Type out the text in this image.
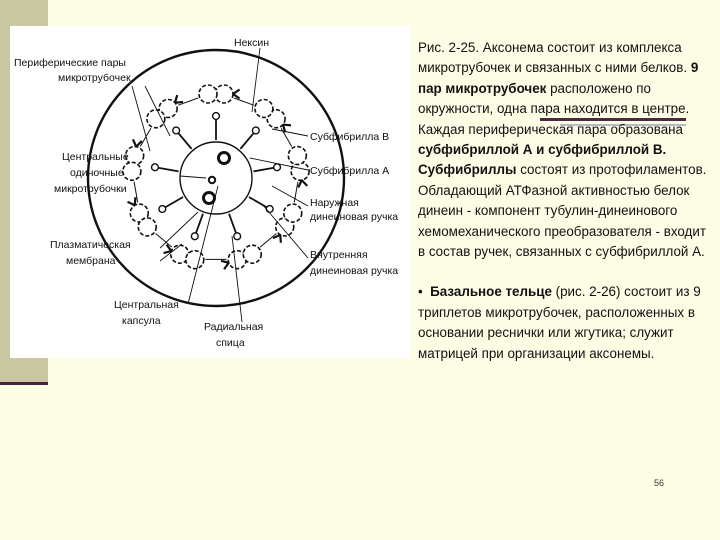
Периферические пары
микротрубочек
Нексин
Центральные
одиночные
микротрубочки
Субфибрилла В
Субфибрилла А
Наружная
динеиновая ручка
Внутренняя
динеиновая ручка
Плазматическая
мембрана
Центральная
капсула	Радиальная
спица

Рис. 2-25. Аксонема состоит из комплекса микротрубочек и связанных с ними белков. 9 пар микротрубочек расположено по окружности, одна пара находится в центре. Каждая периферическая пара образована субфибриллой А и субфибриллой В. Субфибриллы состоят из протофиламентов.

Обладающий АТФазной активностью белок динеин - компонент тубулин-динеинового хемомеханического преобразователя - входит в состав ручек, связанных с субфибриллой А.

• Базальное тельце (рис. 2-26) состоит из 9 триплетов микротрубочек, расположенных в основании реснички или жгутика; служит матрицей при организации аксонемы.

56
